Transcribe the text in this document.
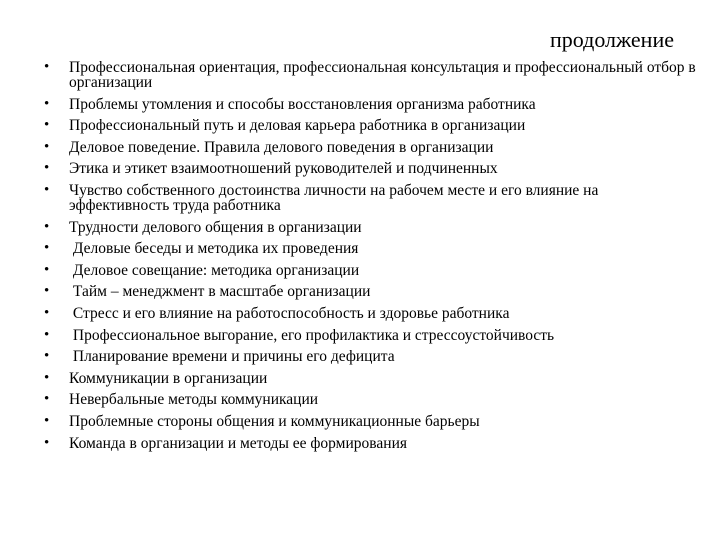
продолжение
• Профессиональная ориентация, профессиональная консультация и профессиональный отбор в организации
• Проблемы утомления и способы восстановления организма работника
• Профессиональный путь и деловая карьера работника в организации
• Деловое поведение. Правила делового поведения в организации
• Этика и этикет взаимоотношений руководителей и подчиненных
• Чувство собственного достоинства личности на рабочем месте и его влияние на эффективность труда работника
• Трудности делового общения в организации
• Деловые беседы и методика их проведения
• Деловое совещание: методика организации
• Тайм – менеджмент в масштабе организации
• Стресс и его влияние на работоспособность и здоровье работника
• Профессиональное выгорание, его профилактика и стрессоустойчивость
• Планирование времени и причины его дефицита
• Коммуникации в организации
• Невербальные методы коммуникации
• Проблемные стороны общения и коммуникационные барьеры
• Команда в организации и методы ее формирования
